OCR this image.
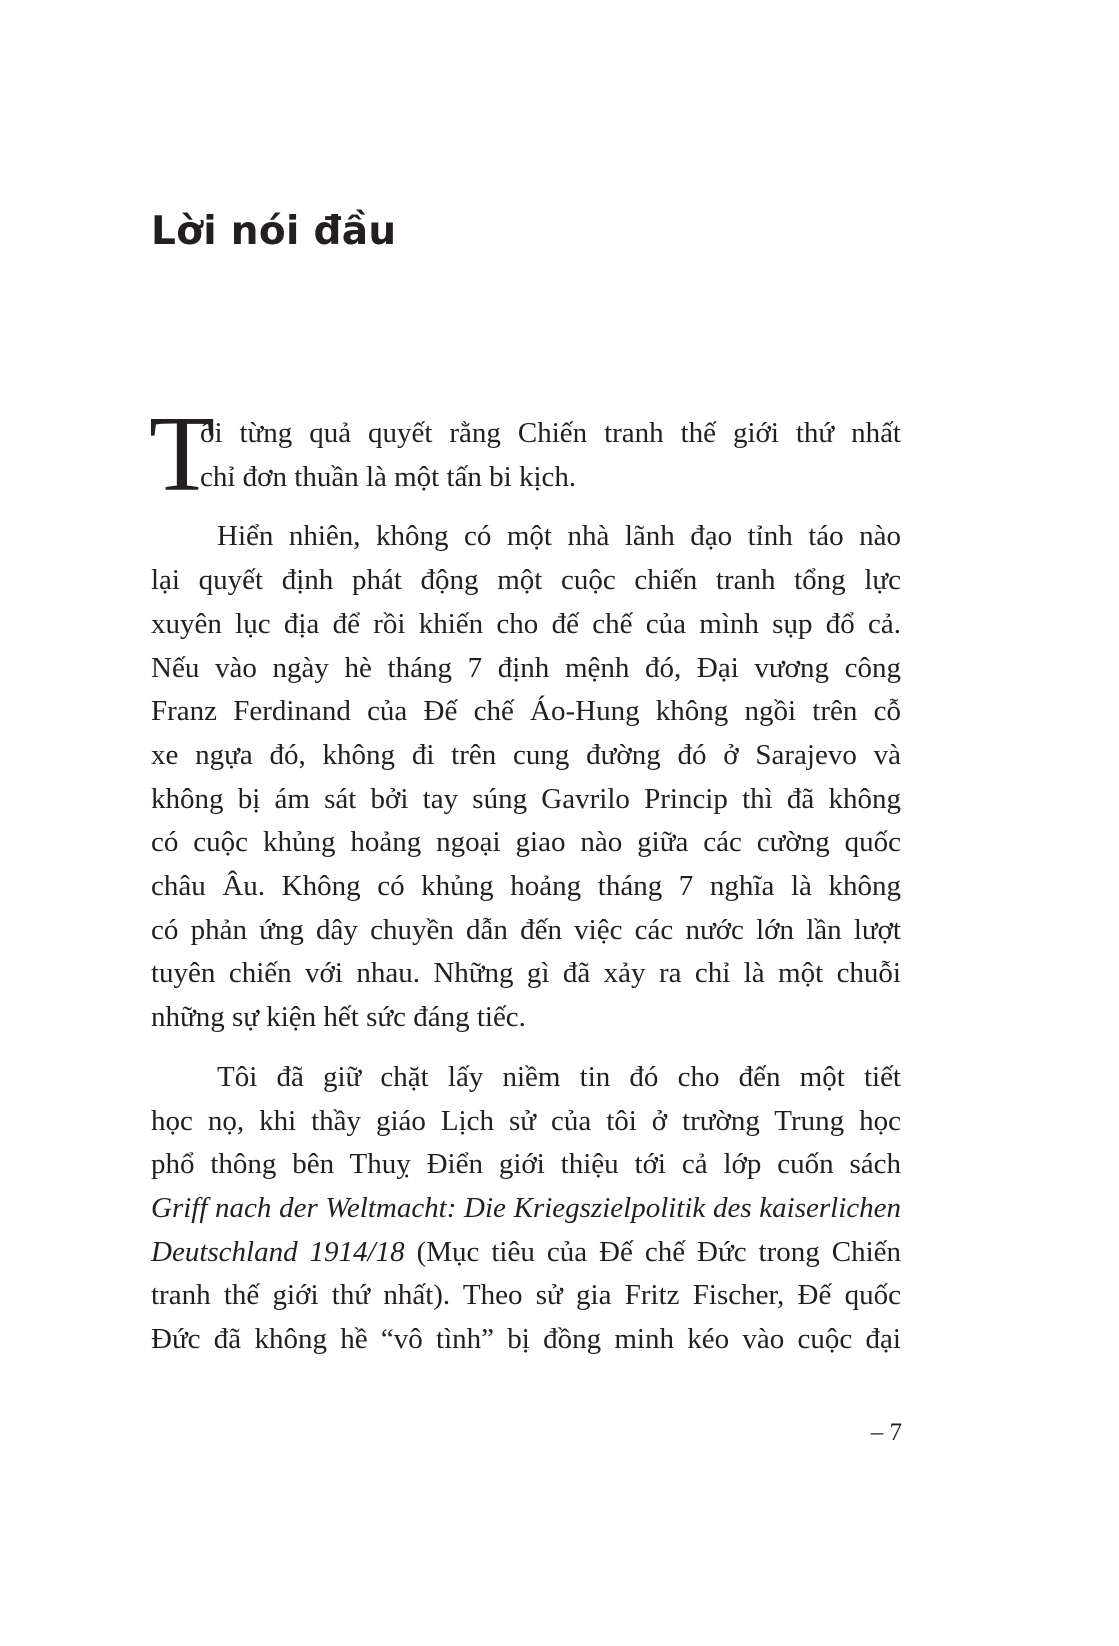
Lời nói đầu

T
ôi từng quả quyết rằng Chiến tranh thế giới thứ nhất
chỉ đơn thuần là một tấn bi kịch.

Hiển nhiên, không có một nhà lãnh đạo tỉnh táo nào
lại quyết định phát động một cuộc chiến tranh tổng lực
xuyên lục địa để rồi khiến cho đế chế của mình sụp đổ cả.
Nếu vào ngày hè tháng 7 định mệnh đó, Đại vương công
Franz Ferdinand của Đế chế Áo-Hung không ngồi trên cỗ
xe ngựa đó, không đi trên cung đường đó ở Sarajevo và
không bị ám sát bởi tay súng Gavrilo Princip thì đã không
có cuộc khủng hoảng ngoại giao nào giữa các cường quốc
châu Âu. Không có khủng hoảng tháng 7 nghĩa là không
có phản ứng dây chuyền dẫn đến việc các nước lớn lần lượt
tuyên chiến với nhau. Những gì đã xảy ra chỉ là một chuỗi
những sự kiện hết sức đáng tiếc.

Tôi đã giữ chặt lấy niềm tin đó cho đến một tiết
học nọ, khi thầy giáo Lịch sử của tôi ở trường Trung học
phổ thông bên Thuỵ Điển giới thiệu tới cả lớp cuốn sách
Griff nach der Weltmacht: Die Kriegszielpolitik des kaiserlichen
Deutschland 1914/18 (Mục tiêu của Đế chế Đức trong Chiến
tranh thế giới thứ nhất). Theo sử gia Fritz Fischer, Đế quốc
Đức đã không hề “vô tình” bị đồng minh kéo vào cuộc đại

– 7
